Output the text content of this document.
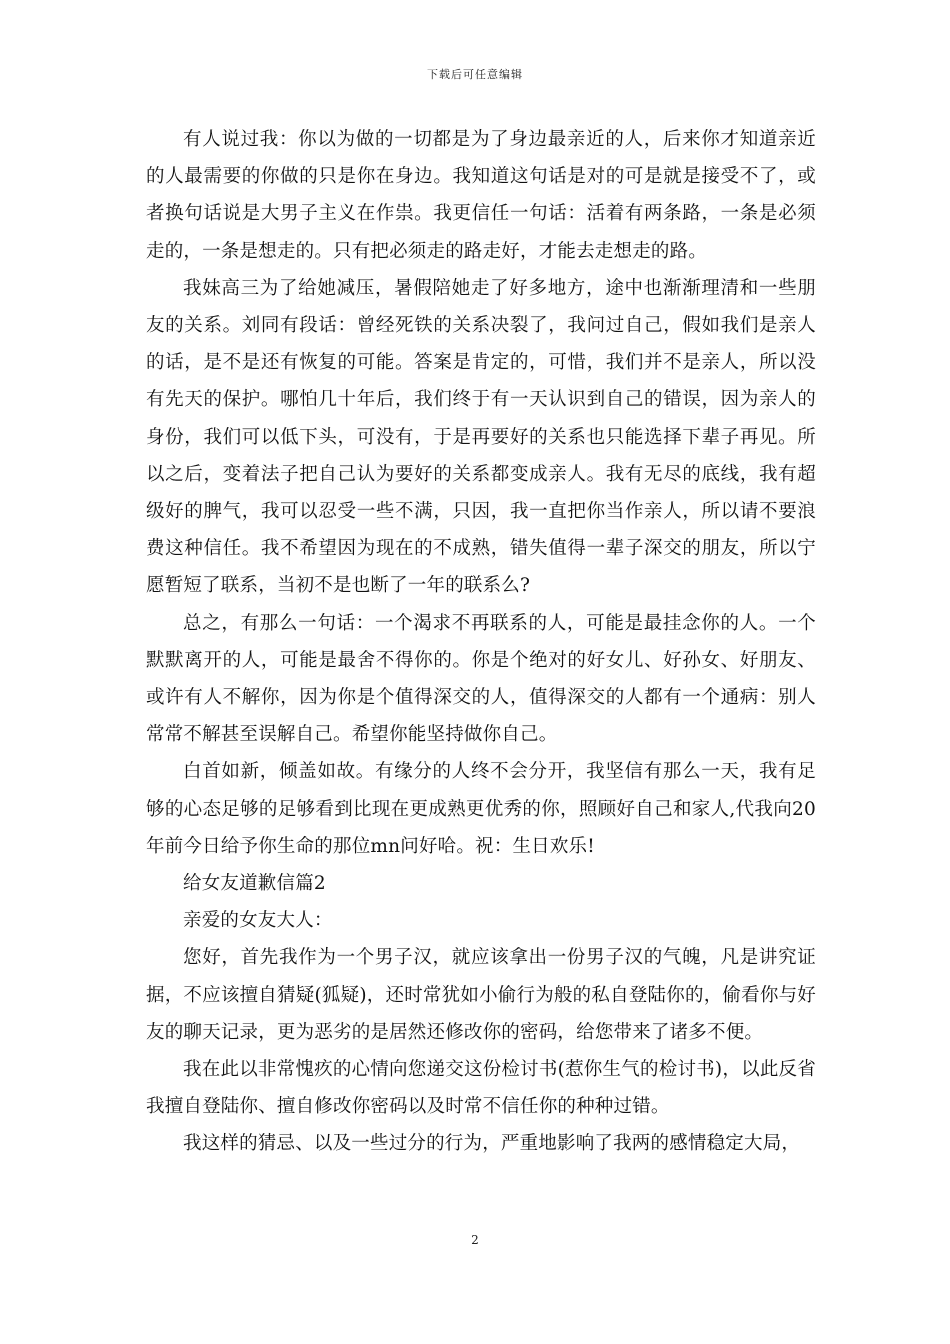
下载后可任意编辑

有人说过我：你以为做的一切都是为了身边最亲近的人，后来你才知道亲近的人最需要的你做的只是你在身边。我知道这句话是对的可是就是接受不了，或者换句话说是大男子主义在作祟。我更信任一句话：活着有两条路，一条是必须走的，一条是想走的。只有把必须走的路走好，才能去走想走的路。

我妹高三为了给她减压，暑假陪她走了好多地方，途中也渐渐理清和一些朋友的关系。刘同有段话：曾经死铁的关系决裂了，我问过自己，假如我们是亲人的话，是不是还有恢复的可能。答案是肯定的，可惜，我们并不是亲人，所以没有先天的保护。哪怕几十年后，我们终于有一天认识到自己的错误，因为亲人的身份，我们可以低下头，可没有，于是再要好的关系也只能选择下辈子再见。所以之后，变着法子把自己认为要好的关系都变成亲人。我有无尽的底线，我有超级好的脾气，我可以忍受一些不满，只因，我一直把你当作亲人，所以请不要浪费这种信任。我不希望因为现在的不成熟，错失值得一辈子深交的朋友，所以宁愿暂短了联系，当初不是也断了一年的联系么?

总之，有那么一句话：一个渴求不再联系的人，可能是最挂念你的人。一个默默离开的人，可能是最舍不得你的。你是个绝对的好女儿、好孙女、好朋友、或许有人不解你，因为你是个值得深交的人，值得深交的人都有一个通病：别人常常不解甚至误解自己。希望你能坚持做你自己。

白首如新，倾盖如故。有缘分的人终不会分开，我坚信有那么一天，我有足够的心态足够的足够看到比现在更成熟更优秀的你，照顾好自己和家人,代我向20年前今日给予你生命的那位mn问好哈。祝：生日欢乐!

给女友道歉信篇2

亲爱的女友大人：

您好，首先我作为一个男子汉，就应该拿出一份男子汉的气魄，凡是讲究证据，不应该擅自猜疑(狐疑)，还时常犹如小偷行为般的私自登陆你的，偷看你与好友的聊天记录，更为恶劣的是居然还修改你的密码，给您带来了诸多不便。

我在此以非常愧疚的心情向您递交这份检讨书(惹你生气的检讨书)，以此反省我擅自登陆你、擅自修改你密码以及时常不信任你的种种过错。

我这样的猜忌、以及一些过分的行为，严重地影响了我两的感情稳定大局，

2
